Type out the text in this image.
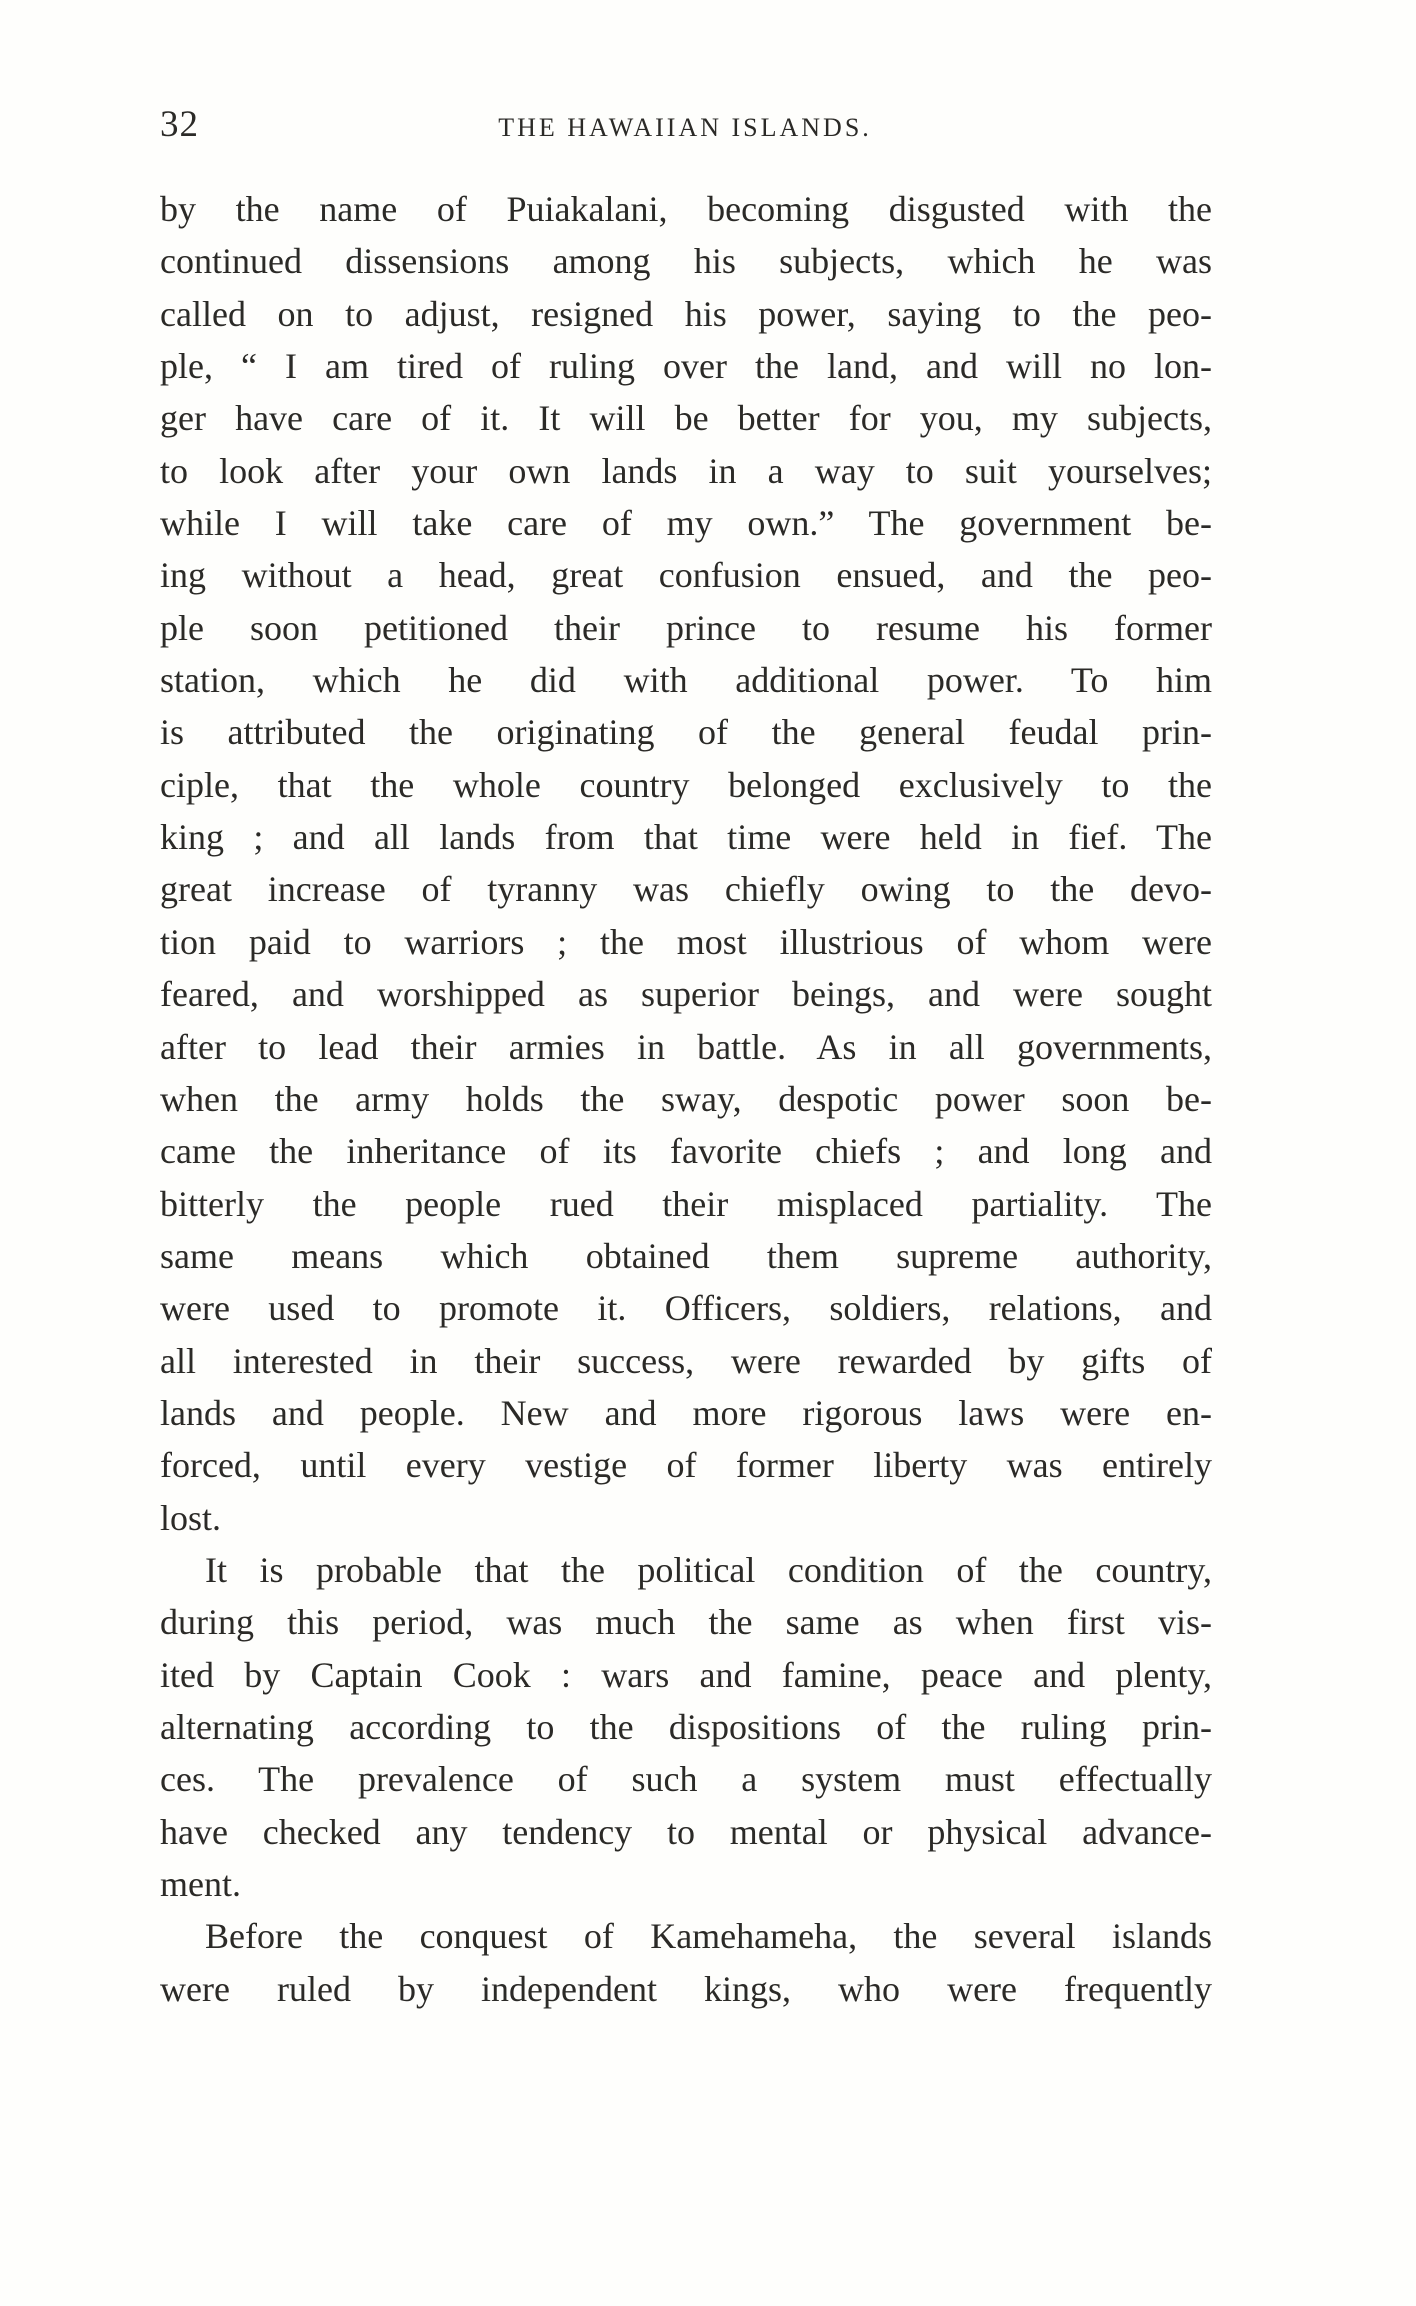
32	THE HAWAIIAN ISLANDS.
by the name of Puiakalani, becoming disgusted with the
continued dissensions among his subjects, which he was
called on to adjust, resigned his power, saying to the peo-
ple, “ I am tired of ruling over the land, and will no lon-
ger have care of it. It will be better for you, my subjects,
to look after your own lands in a way to suit yourselves;
while I will take care of my own.” The government be-
ing without a head, great confusion ensued, and the peo-
ple soon petitioned their prince to resume his former
station, which he did with additional power. To him
is attributed the originating of the general feudal prin-
ciple, that the whole country belonged exclusively to the
king ; and all lands from that time were held in fief. The
great increase of tyranny was chiefly owing to the devo-
tion paid to warriors ; the most illustrious of whom were
feared, and worshipped as superior beings, and were sought
after to lead their armies in battle. As in all governments,
when the army holds the sway, despotic power soon be-
came the inheritance of its favorite chiefs ; and long and
bitterly the people rued their misplaced partiality. The
same means which obtained them supreme authority,
were used to promote it. Officers, soldiers, relations, and
all interested in their success, were rewarded by gifts of
lands and people. New and more rigorous laws were en-
forced, until every vestige of former liberty was entirely
lost.
It is probable that the political condition of the country,
during this period, was much the same as when first vis-
ited by Captain Cook : wars and famine, peace and plenty,
alternating according to the dispositions of the ruling prin-
ces. The prevalence of such a system must effectually
have checked any tendency to mental or physical advance-
ment.
Before the conquest of Kamehameha, the several islands
were ruled by independent kings, who were frequently
